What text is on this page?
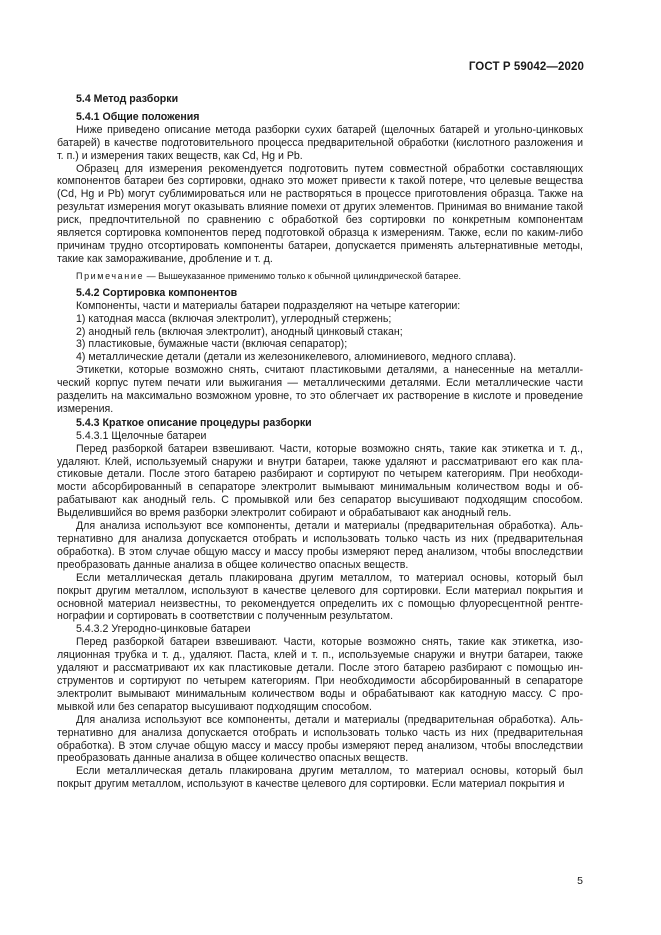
ГОСТ Р 59042—2020

5.4 Метод разборки

5.4.1 Общие положения

Ниже приведено описание метода разборки сухих батарей (щелочных батарей и угольно-цинковых батарей) в качестве подготовительного процесса предварительной обработки (кислотного разложения и т. п.) и измерения таких веществ, как Cd, Hg и Pb.

Образец для измерения рекомендуется подготовить путем совместной обработки составляющих компонентов батареи без сортировки, однако это может привести к такой потере, что целевые вещества (Cd, Hg и Pb) могут сублимироваться или не растворяться в процессе приготовления образца. Также на результат измерения могут оказывать влияние помехи от других элементов. Принимая во внимание такой риск, предпочтительной по сравнению с обработкой без сортировки по конкретным компонентам является сортировка компонентов перед подготовкой образца к измерениям. Также, если по каким-либо причинам трудно отсортировать компоненты батареи, допускается применять альтернативные методы, такие как замораживание, дробление и т. д.

Примечание — Вышеуказанное применимо только к обычной цилиндрической батарее.

5.4.2 Сортировка компонентов

Компоненты, части и материалы батареи подразделяют на четыре категории:

1) катодная масса (включая электролит), углеродный стержень;

2) анодный гель (включая электролит), анодный цинковый стакан;

3) пластиковые, бумажные части (включая сепаратор);

4) металлические детали (детали из железоникелевого, алюминиевого, медного сплава).

Этикетки, которые возможно снять, считают пластиковыми деталями, а нанесенные на металлический корпус путем печати или выжигания — металлическими деталями. Если металлические части разделить на максимально возможном уровне, то это облегчает их растворение в кислоте и проведение измерения.

5.4.3 Краткое описание процедуры разборки

5.4.3.1 Щелочные батареи

Перед разборкой батареи взвешивают. Части, которые возможно снять, такие как этикетка и т. д., удаляют. Клей, используемый снаружи и внутри батареи, также удаляют и рассматривают его как пластиковые детали. После этого батарею разбирают и сортируют по четырем категориям. При необходимости абсорбированный в сепараторе электролит вымывают минимальным количеством воды и обрабатывают как анодный гель. С промывкой или без сепаратор высушивают подходящим способом. Выделившийся во время разборки электролит собирают и обрабатывают как анодный гель.

Для анализа используют все компоненты, детали и материалы (предварительная обработка). Альтернативно для анализа допускается отобрать и использовать только часть из них (предварительная обработка). В этом случае общую массу и массу пробы измеряют перед анализом, чтобы впоследствии преобразовать данные анализа в общее количество опасных веществ.

Если металлическая деталь плакирована другим металлом, то материал основы, который был покрыт другим металлом, используют в качестве целевого для сортировки. Если материал покрытия и основной материал неизвестны, то рекомендуется определить их с помощью флуоресцентной рентгенографии и сортировать в соответствии с полученным результатом.

5.4.3.2 Угеродно-цинковые батареи

Перед разборкой батареи взвешивают. Части, которые возможно снять, такие как этикетка, изоляционная трубка и т. д., удаляют. Паста, клей и т. п., используемые снаружи и внутри батареи, также удаляют и рассматривают их как пластиковые детали. После этого батарею разбирают с помощью инструментов и сортируют по четырем категориям. При необходимости абсорбированный в сепараторе электролит вымывают минимальным количеством воды и обрабатывают как катодную массу. С промывкой или без сепаратор высушивают подходящим способом.

Для анализа используют все компоненты, детали и материалы (предварительная обработка). Альтернативно для анализа допускается отобрать и использовать только часть из них (предварительная обработка). В этом случае общую массу и массу пробы измеряют перед анализом, чтобы впоследствии преобразовать данные анализа в общее количество опасных веществ.

Если металлическая деталь плакирована другим металлом, то материал основы, который был покрыт другим металлом, используют в качестве целевого для сортировки. Если материал покрытия и

5
